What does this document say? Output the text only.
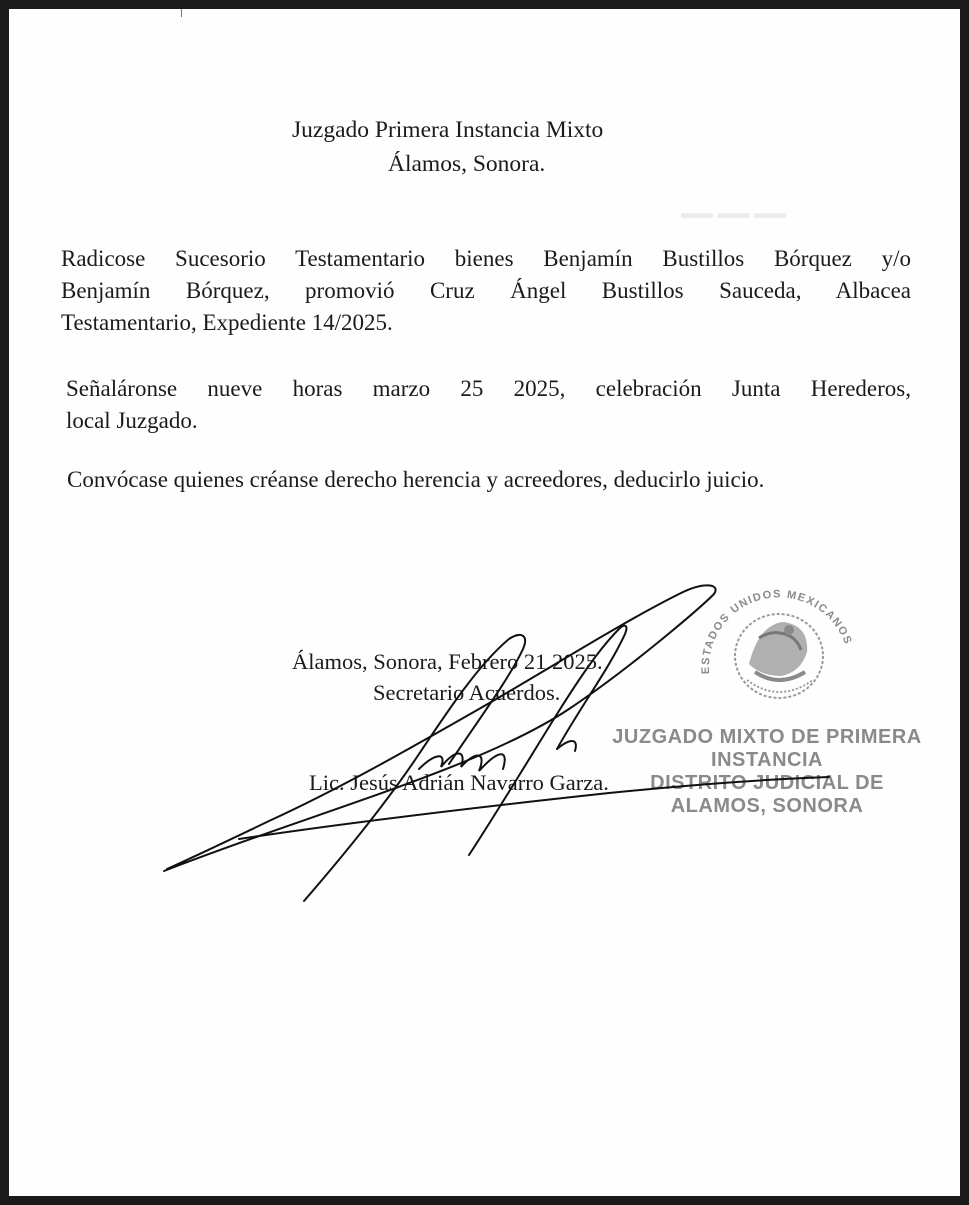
▬▬ ▬▬ ▬▬
Juzgado Primera Instancia Mixto
Álamos, Sonora.
Radicose Sucesorio Testamentario bienes Benjamín Bustillos Bórquez y/o
Benjamín Bórquez, promovió Cruz Ángel Bustillos Sauceda, Albacea
Testamentario, Expediente 14/2025.
Señaláronse nueve horas marzo 25 2025, celebración Junta Herederos,
local Juzgado.
Convócase quienes créanse derecho herencia y acreedores, deducirlo juicio.
Álamos, Sonora, Febrero 21 2025.
Secretario Acuerdos.
Lic. Jesús Adrián Navarro Garza.
ESTADOS UNIDOS MEXICANOS
JUZGADO MIXTO DE PRIMERA
INSTANCIA
DISTRITO JUDICIAL DE
ALAMOS, SONORA
